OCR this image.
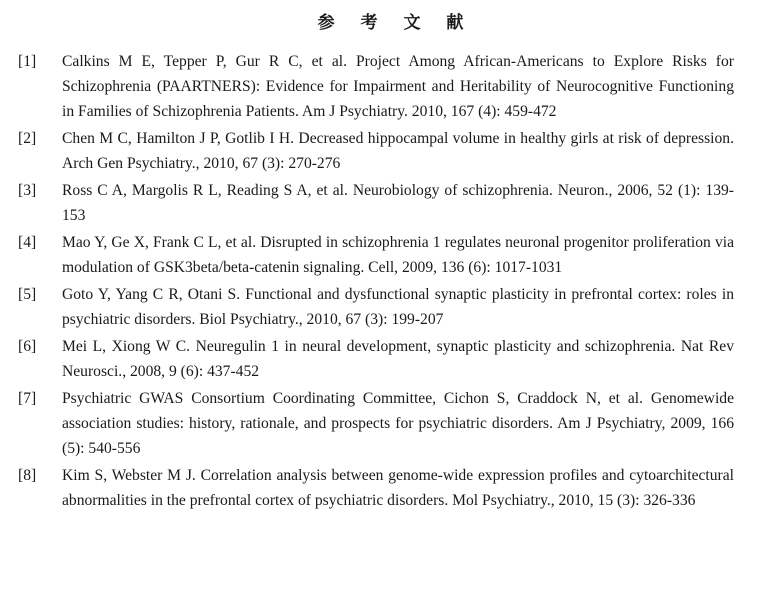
参 考 文 献
[1]	Calkins M E, Tepper P, Gur R C, et al. Project Among African-Americans to Explore Risks for Schizophrenia (PAARTNERS): Evidence for Impairment and Heritability of Neurocognitive Functioning in Families of Schizophrenia Patients. Am J Psychiatry. 2010, 167 (4): 459-472
[2]	Chen M C, Hamilton J P, Gotlib I H. Decreased hippocampal volume in healthy girls at risk of depression. Arch Gen Psychiatry., 2010, 67 (3): 270-276
[3]	Ross C A, Margolis R L, Reading S A, et al. Neurobiology of schizophrenia. Neuron., 2006, 52 (1): 139-153
[4]	Mao Y, Ge X, Frank C L, et al. Disrupted in schizophrenia 1 regulates neuronal progenitor proliferation via modulation of GSK3beta/beta-catenin signaling. Cell, 2009, 136 (6): 1017-1031
[5]	Goto Y, Yang C R, Otani S. Functional and dysfunctional synaptic plasticity in prefrontal cortex: roles in psychiatric disorders. Biol Psychiatry., 2010, 67 (3): 199-207
[6]	Mei L, Xiong W C. Neuregulin 1 in neural development, synaptic plasticity and schizophrenia. Nat Rev Neurosci., 2008, 9 (6): 437-452
[7]	Psychiatric GWAS Consortium Coordinating Committee, Cichon S, Craddock N, et al. Genomewide association studies: history, rationale, and prospects for psychiatric disorders. Am J Psychiatry, 2009, 166 (5): 540-556
[8]	Kim S, Webster M J. Correlation analysis between genome-wide expression profiles and cytoarchitectural abnormalities in the prefrontal cortex of psychiatric disorders. Mol Psychiatry., 2010, 15 (3): 326-336
